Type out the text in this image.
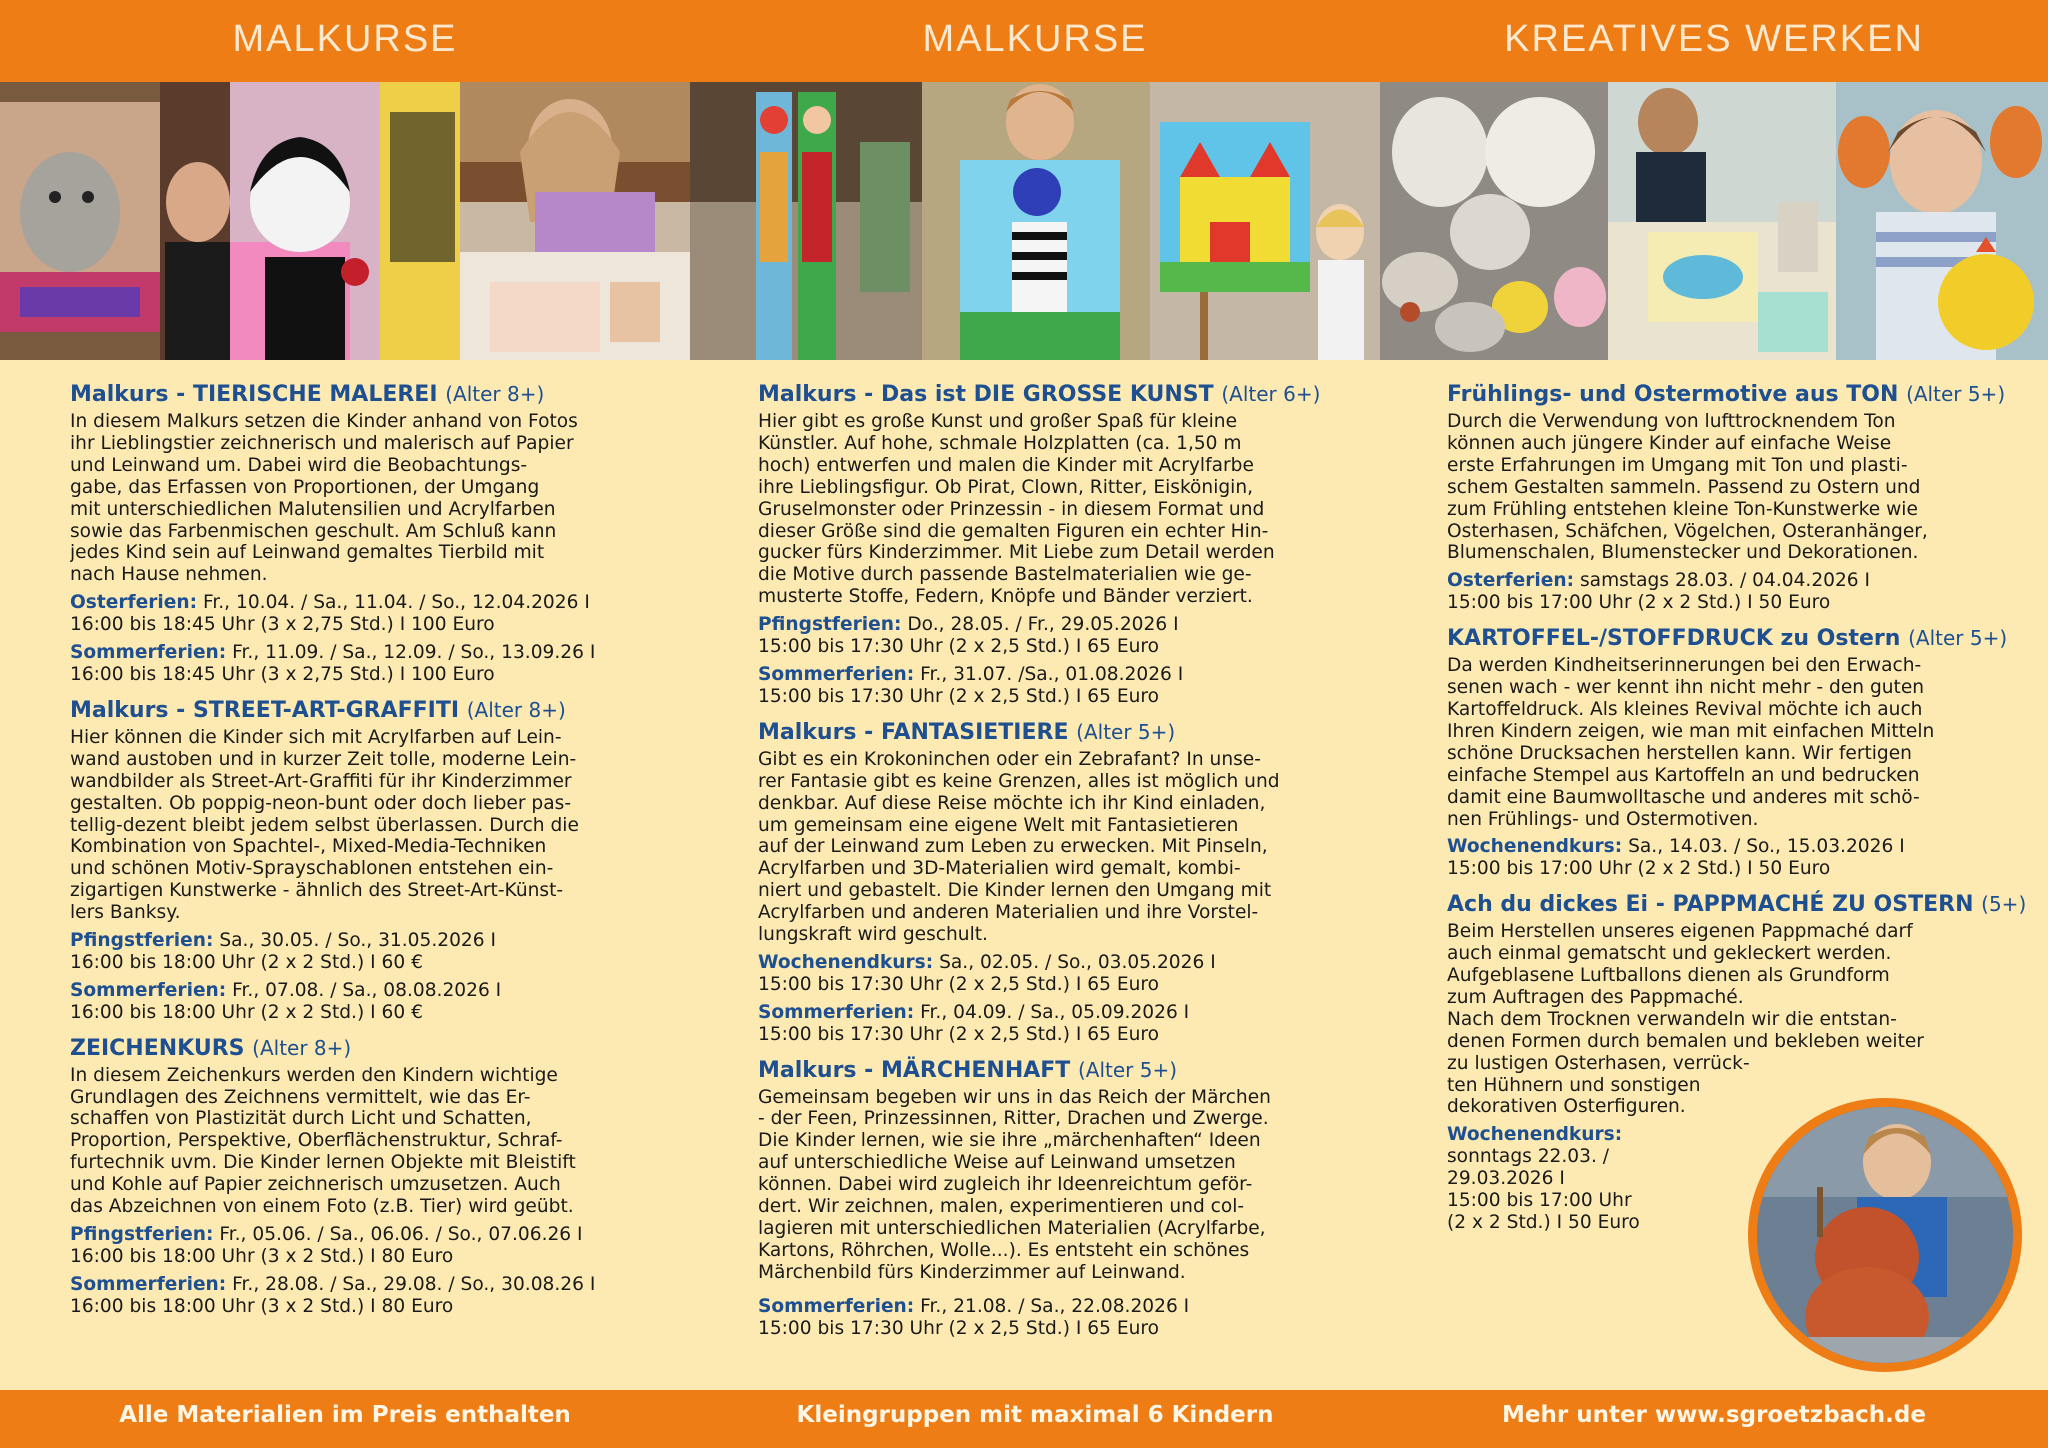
MALKURSE	MALKURSE	KREATIVES WERKEN
Malkurs - TIERISCHE MALEREI (Alter 8+)
In diesem Malkurs setzen die Kinder anhand von Fotos
ihr Lieblingstier zeichnerisch und malerisch auf Papier
und Leinwand um. Dabei wird die Beobachtungs-
gabe, das Erfassen von Proportionen, der Umgang
mit unterschiedlichen Malutensilien und Acrylfarben
sowie das Farbenmischen geschult. Am Schluß kann
jedes Kind sein auf Leinwand gemaltes Tierbild mit
nach Hause nehmen.
Osterferien: Fr., 10.04. / Sa., 11.04. / So., 12.04.2026 I
16:00 bis 18:45 Uhr (3 x 2,75 Std.) I 100 Euro
Sommerferien: Fr., 11.09. / Sa., 12.09. / So., 13.09.26 I
16:00 bis 18:45 Uhr (3 x 2,75 Std.) I 100 Euro
Malkurs - STREET-ART-GRAFFITI (Alter 8+)
Hier können die Kinder sich mit Acrylfarben auf Lein-
wand austoben und in kurzer Zeit tolle, moderne Lein-
wandbilder als Street-Art-Graffiti für ihr Kinderzimmer
gestalten. Ob poppig-neon-bunt oder doch lieber pas-
tellig-dezent bleibt jedem selbst überlassen. Durch die
Kombination von Spachtel-, Mixed-Media-Techniken
und schönen Motiv-Sprayschablonen entstehen ein-
zigartigen Kunstwerke - ähnlich des Street-Art-Künst-
lers Banksy.
Pfingstferien: Sa., 30.05. / So., 31.05.2026 I
16:00 bis 18:00 Uhr (2 x 2 Std.) I 60 €
Sommerferien: Fr., 07.08. / Sa., 08.08.2026 I
16:00 bis 18:00 Uhr (2 x 2 Std.) I 60 €
ZEICHENKURS (Alter 8+)
In diesem Zeichenkurs werden den Kindern wichtige
Grundlagen des Zeichnens vermittelt, wie das Er-
schaffen von Plastizität durch Licht und Schatten,
Proportion, Perspektive, Oberflächenstruktur, Schraf-
furtechnik uvm. Die Kinder lernen Objekte mit Bleistift
und Kohle auf Papier zeichnerisch umzusetzen. Auch
das Abzeichnen von einem Foto (z.B. Tier) wird geübt.
Pfingstferien: Fr., 05.06. / Sa., 06.06. / So., 07.06.26 I
16:00 bis 18:00 Uhr (3 x 2 Std.) I 80 Euro
Sommerferien: Fr., 28.08. / Sa., 29.08. / So., 30.08.26 I
16:00 bis 18:00 Uhr (3 x 2 Std.) I 80 Euro
Malkurs - Das ist DIE GROSSE KUNST (Alter 6+)
Hier gibt es große Kunst und großer Spaß für kleine
Künstler. Auf hohe, schmale Holzplatten (ca. 1,50 m
hoch) entwerfen und malen die Kinder mit Acrylfarbe
ihre Lieblingsfigur. Ob Pirat, Clown, Ritter, Eiskönigin,
Gruselmonster oder Prinzessin - in diesem Format und
dieser Größe sind die gemalten Figuren ein echter Hin-
gucker fürs Kinderzimmer. Mit Liebe zum Detail werden
die Motive durch passende Bastelmaterialien wie ge-
musterte Stoffe, Federn, Knöpfe und Bänder verziert.
Pfingstferien: Do., 28.05. / Fr., 29.05.2026 I
15:00 bis 17:30 Uhr (2 x 2,5 Std.) I 65 Euro
Sommerferien: Fr., 31.07. /Sa., 01.08.2026 I
15:00 bis 17:30 Uhr (2 x 2,5 Std.) I 65 Euro
Malkurs - FANTASIETIERE (Alter 5+)
Gibt es ein Krokoninchen oder ein Zebrafant? In unse-
rer Fantasie gibt es keine Grenzen, alles ist möglich und
denkbar. Auf diese Reise möchte ich ihr Kind einladen,
um gemeinsam eine eigene Welt mit Fantasietieren
auf der Leinwand zum Leben zu erwecken. Mit Pinseln,
Acrylfarben und 3D-Materialien wird gemalt, kombi-
niert und gebastelt. Die Kinder lernen den Umgang mit
Acrylfarben und anderen Materialien und ihre Vorstel-
lungskraft wird geschult.
Wochenendkurs: Sa., 02.05. / So., 03.05.2026 I
15:00 bis 17:30 Uhr (2 x 2,5 Std.) I 65 Euro
Sommerferien: Fr., 04.09. / Sa., 05.09.2026 I
15:00 bis 17:30 Uhr (2 x 2,5 Std.) I 65 Euro
Malkurs - MÄRCHENHAFT (Alter 5+)
Gemeinsam begeben wir uns in das Reich der Märchen
- der Feen, Prinzessinnen, Ritter, Drachen und Zwerge.
Die Kinder lernen, wie sie ihre „märchenhaften“ Ideen
auf unterschiedliche Weise auf Leinwand umsetzen
können. Dabei wird zugleich ihr Ideenreichtum geför-
dert. Wir zeichnen, malen, experimentieren und col-
lagieren mit unterschiedlichen Materialien (Acrylfarbe,
Kartons, Röhrchen, Wolle...). Es entsteht ein schönes
Märchenbild fürs Kinderzimmer auf Leinwand.
Sommerferien: Fr., 21.08. / Sa., 22.08.2026 I
15:00 bis 17:30 Uhr (2 x 2,5 Std.) I 65 Euro
Frühlings- und Ostermotive aus TON (Alter 5+)
Durch die Verwendung von lufttrocknendem Ton
können auch jüngere Kinder auf einfache Weise
erste Erfahrungen im Umgang mit Ton und plasti-
schem Gestalten sammeln. Passend zu Ostern und
zum Frühling entstehen kleine Ton-Kunstwerke wie
Osterhasen, Schäfchen, Vögelchen, Osteranhänger,
Blumenschalen, Blumenstecker und Dekorationen.
Osterferien: samstags 28.03. / 04.04.2026 I
15:00 bis 17:00 Uhr (2 x 2 Std.) I 50 Euro
KARTOFFEL-/STOFFDRUCK zu Ostern (Alter 5+)
Da werden Kindheitserinnerungen bei den Erwach-
senen wach - wer kennt ihn nicht mehr - den guten
Kartoffeldruck. Als kleines Revival möchte ich auch
Ihren Kindern zeigen, wie man mit einfachen Mitteln
schöne Drucksachen herstellen kann. Wir fertigen
einfache Stempel aus Kartoffeln an und bedrucken
damit eine Baumwolltasche und anderes mit schö-
nen Frühlings- und Ostermotiven.
Wochenendkurs: Sa., 14.03. / So., 15.03.2026 I
15:00 bis 17:00 Uhr (2 x 2 Std.) I 50 Euro
Ach du dickes Ei - PAPPMACHÉ ZU OSTERN (5+)
Beim Herstellen unseres eigenen Pappmaché darf
auch einmal gematscht und gekleckert werden.
Aufgeblasene Luftballons dienen als Grundform
zum Auftragen des Pappmaché.
Nach dem Trocknen verwandeln wir die entstan-
denen Formen durch bemalen und bekleben weiter
zu lustigen Osterhasen, verrück-
ten Hühnern und sonstigen
dekorativen Osterfiguren.
Wochenendkurs:
sonntags 22.03. /
29.03.2026 I
15:00 bis 17:00 Uhr
(2 x 2 Std.) I 50 Euro
Alle Materialien im Preis enthalten	Kleingruppen mit maximal 6 Kindern	Mehr unter www.sgroetzbach.de
